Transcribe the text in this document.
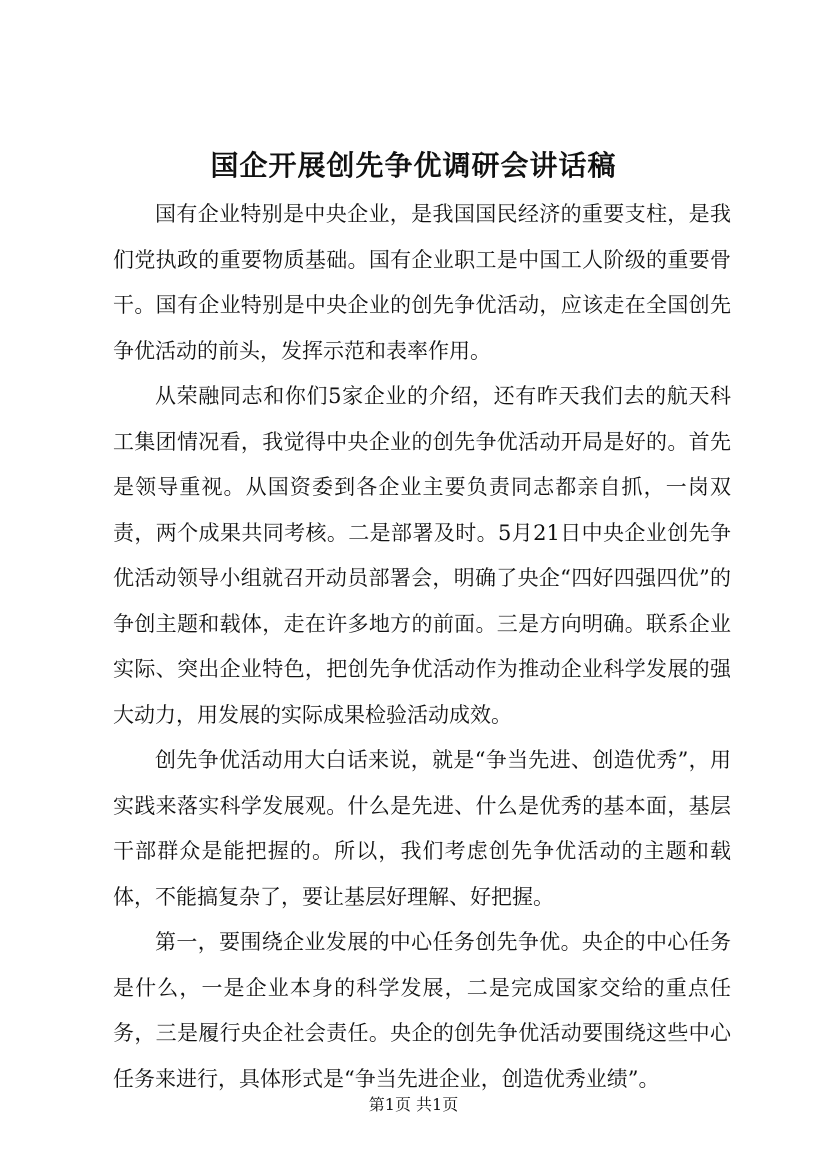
国企开展创先争优调研会讲话稿

国有企业特别是中央企业，是我国国民经济的重要支柱，是我们党执政的重要物质基础。国有企业职工是中国工人阶级的重要骨干。国有企业特别是中央企业的创先争优活动，应该走在全国创先争优活动的前头，发挥示范和表率作用。

从荣融同志和你们5家企业的介绍，还有昨天我们去的航天科工集团情况看，我觉得中央企业的创先争优活动开局是好的。首先是领导重视。从国资委到各企业主要负责同志都亲自抓，一岗双责，两个成果共同考核。二是部署及时。5月21日中央企业创先争优活动领导小组就召开动员部署会，明确了央企“四好四强四优”的争创主题和载体，走在许多地方的前面。三是方向明确。联系企业实际、突出企业特色，把创先争优活动作为推动企业科学发展的强大动力，用发展的实际成果检验活动成效。

创先争优活动用大白话来说，就是“争当先进、创造优秀”，用实践来落实科学发展观。什么是先进、什么是优秀的基本面，基层干部群众是能把握的。所以，我们考虑创先争优活动的主题和载体，不能搞复杂了，要让基层好理解、好把握。

第一，要围绕企业发展的中心任务创先争优。央企的中心任务是什么，一是企业本身的科学发展，二是完成国家交给的重点任务，三是履行央企社会责任。央企的创先争优活动要围绕这些中心任务来进行，具体形式是“争当先进企业，创造优秀业绩”。

第1页 共1页
